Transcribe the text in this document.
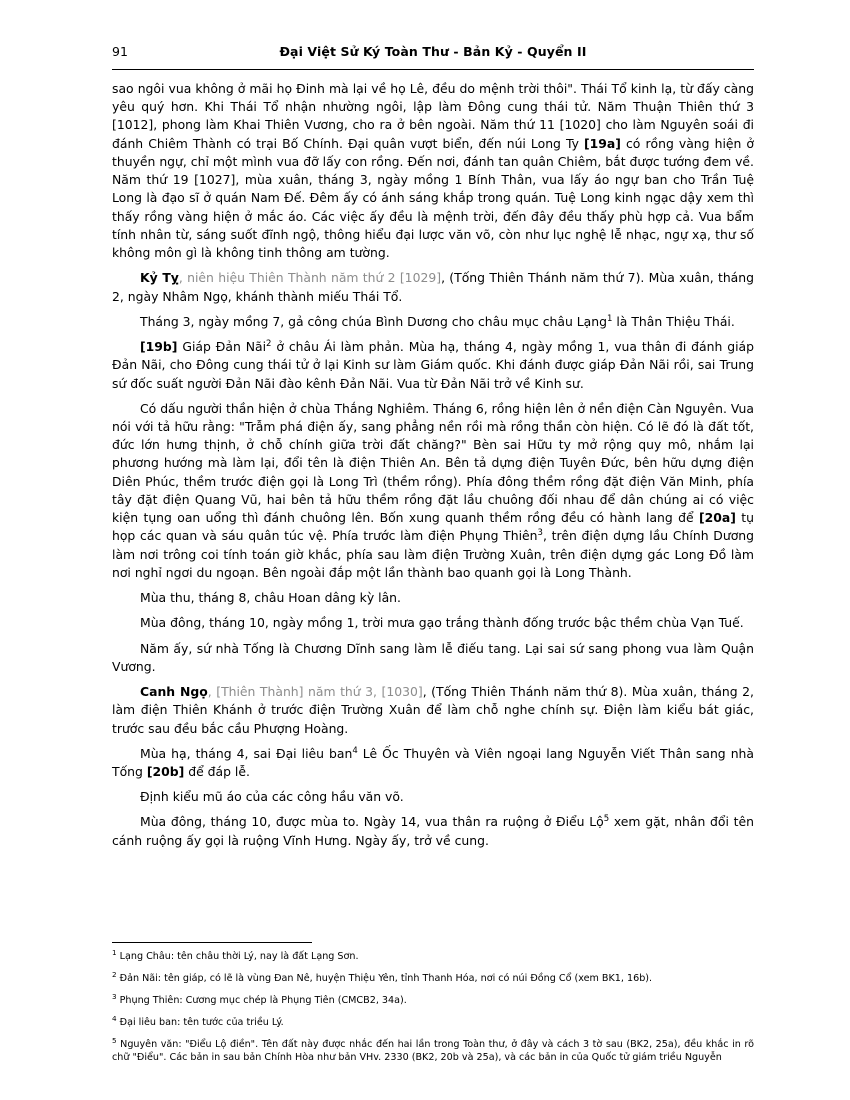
91	Đại Việt Sử Ký Toàn Thư - Bản Kỷ - Quyển II

sao ngôi vua không ở mãi họ Đinh mà lại về họ Lê, đều do mệnh trời thôi". Thái Tổ kinh lạ, từ đấy càng yêu quý hơn. Khi Thái Tổ nhận nhường ngôi, lập làm Đông cung thái tử. Năm Thuận Thiên thứ 3 [1012], phong làm Khai Thiên Vương, cho ra ở bên ngoài. Năm thứ 11 [1020] cho làm Nguyên soái đi đánh Chiêm Thành có trại Bố Chính. Đại quân vượt biển, đến núi Long Ty [19a] có rồng vàng hiện ở thuyền ngự, chỉ một mình vua đỡ lấy con rồng. Đến nơi, đánh tan quân Chiêm, bắt được tướng đem về. Năm thứ 19 [1027], mùa xuân, tháng 3, ngày mồng 1 Bính Thân, vua lấy áo ngự ban cho Trần Tuệ Long là đạo sĩ ở quán Nam Đế. Đêm ấy có ánh sáng khắp trong quán. Tuệ Long kinh ngạc dậy xem thì thấy rồng vàng hiện ở mắc áo. Các việc ấy đều là mệnh trời, đến đây đều thấy phù hợp cả. Vua bẩm tính nhân từ, sáng suốt đĩnh ngộ, thông hiểu đại lược văn võ, còn như lục nghệ lễ nhạc, ngự xạ, thư số không môn gì là không tinh thông am tường.

Kỷ Tỵ, niên hiệu Thiên Thành năm thứ 2 [1029], (Tống Thiên Thánh năm thứ 7). Mùa xuân, tháng 2, ngày Nhâm Ngọ, khánh thành miếu Thái Tổ.

Tháng 3, ngày mồng 7, gả công chúa Bình Dương cho châu mục châu Lạng$^1$ là Thân Thiệu Thái.

[19b] Giáp Đản Nãi$^2$ ở châu Ái làm phản. Mùa hạ, tháng 4, ngày mồng 1, vua thân đi đánh giáp Đản Nãi, cho Đông cung thái tử ở lại Kinh sư làm Giám quốc. Khi đánh được giáp Đản Nãi rồi, sai Trung sứ đốc suất người Đản Nãi đào kênh Đản Nãi. Vua từ Đản Nãi trở về Kinh sư.

Có dấu người thần hiện ở chùa Thắng Nghiêm. Tháng 6, rồng hiện lên ở nền điện Càn Nguyên. Vua nói với tả hữu rằng: "Trẫm phá điện ấy, sang phẳng nền rồi mà rồng thần còn hiện. Có lẽ đó là đất tốt, đức lớn hưng thịnh, ở chỗ chính giữa trời đất chăng?" Bèn sai Hữu ty mở rộng quy mô, nhắm lại phương hướng mà làm lại, đổi tên là điện Thiên An. Bên tả dựng điện Tuyên Đức, bên hữu dựng điện Diên Phúc, thềm trước điện gọi là Long Trì (thềm rồng). Phía đông thềm rồng đặt điện Văn Minh, phía tây đặt điện Quang Vũ, hai bên tả hữu thềm rồng đặt lầu chuông đối nhau để dân chúng ai có việc kiện tụng oan uổng thì đánh chuông lên. Bốn xung quanh thềm rồng đều có hành lang để [20a] tụ họp các quan và sáu quân túc vệ. Phía trước làm điện Phụng Thiên$^3$, trên điện dựng lầu Chính Dương làm nơi trông coi tính toán giờ khắc, phía sau làm điện Trường Xuân, trên điện dựng gác Long Đồ làm nơi nghỉ ngơi du ngoạn. Bên ngoài đắp một lần thành bao quanh gọi là Long Thành.

Mùa thu, tháng 8, châu Hoan dâng kỳ lân.

Mùa đông, tháng 10, ngày mồng 1, trời mưa gạo trắng thành đống trước bậc thềm chùa Vạn Tuế.

Năm ấy, sứ nhà Tống là Chương Dĩnh sang làm lễ điếu tang. Lại sai sứ sang phong vua làm Quận Vương.

Canh Ngọ, [Thiên Thành] năm thứ 3, [1030], (Tống Thiên Thánh năm thứ 8). Mùa xuân, tháng 2, làm điện Thiên Khánh ở trước điện Trường Xuân để làm chỗ nghe chính sự. Điện làm kiểu bát giác, trước sau đều bắc cầu Phượng Hoàng.

Mùa hạ, tháng 4, sai Đại liêu ban$^4$ Lê Ốc Thuyên và Viên ngoại lang Nguyễn Viết Thân sang nhà Tống [20b] để đáp lễ.

Định kiểu mũ áo của các công hầu văn võ.

Mùa đông, tháng 10, được mùa to. Ngày 14, vua thân ra ruộng ở Điểu Lộ$^5$ xem gặt, nhân đổi tên cánh ruộng ấy gọi là ruộng Vĩnh Hưng. Ngày ấy, trở về cung.

$^1$ Lạng Châu: tên châu thời Lý, nay là đất Lạng Sơn.

$^2$ Đản Nãi: tên giáp, có lẽ là vùng Đan Nê, huyện Thiệu Yên, tỉnh Thanh Hóa, nơi có núi Đồng Cổ (xem BK1, 16b).

$^3$ Phụng Thiên: Cương mục chép là Phụng Tiên (CMCB2, 34a).

$^4$ Đại liêu ban: tên tước của triều Lý.

$^5$ Nguyên văn: "Điểu Lộ điền". Tên đất này được nhắc đến hai lần trong Toàn thư, ở đây và cách 3 tờ sau (BK2, 25a), đều khắc in rõ chữ "Điểu". Các bản in sau bản Chính Hòa như bản VHv. 2330 (BK2, 20b và 25a), và các bản in của Quốc tử giám triều Nguyễn
